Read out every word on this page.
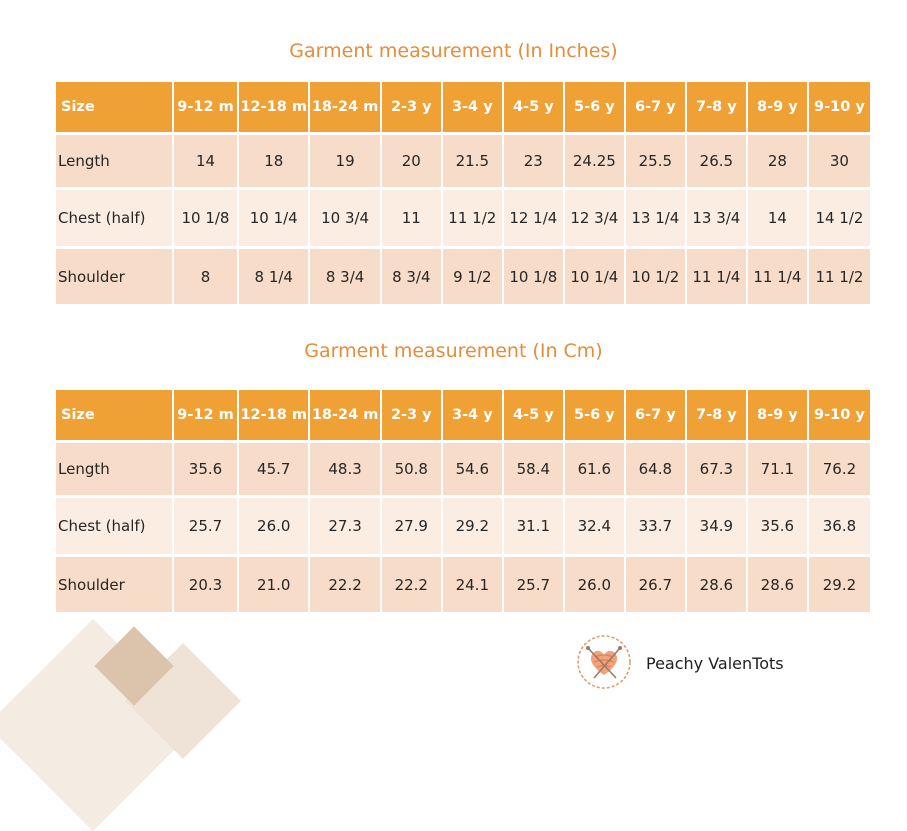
Garment measurement (In Inches)
Size	9-12 m	12-18 m	18-24 m	2-3 y	3-4 y	4-5 y	5-6 y	6-7 y	7-8 y	8-9 y	9-10 y
Length	14	18	19	20	21.5	23	24.25	25.5	26.5	28	30
Chest (half)	10 1/8	10 1/4	10 3/4	11	11 1/2	12 1/4	12 3/4	13 1/4	13 3/4	14	14 1/2
Shoulder	8	8 1/4	8 3/4	8 3/4	9 1/2	10 1/8	10 1/4	10 1/2	11 1/4	11 1/4	11 1/2
Garment measurement (In Cm)
Size	9-12 m	12-18 m	18-24 m	2-3 y	3-4 y	4-5 y	5-6 y	6-7 y	7-8 y	8-9 y	9-10 y
Length	35.6	45.7	48.3	50.8	54.6	58.4	61.6	64.8	67.3	71.1	76.2
Chest (half)	25.7	26.0	27.3	27.9	29.2	31.1	32.4	33.7	34.9	35.6	36.8
Shoulder	20.3	21.0	22.2	22.2	24.1	25.7	26.0	26.7	28.6	28.6	29.2
Peachy ValenTots
